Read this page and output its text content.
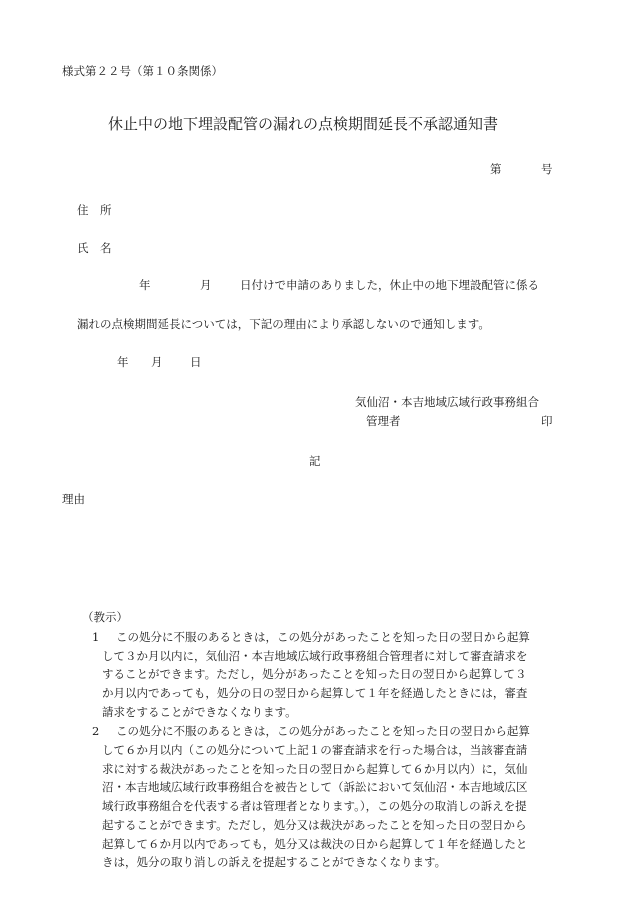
様式第２２号（第１０条関係）
休止中の地下埋設配管の漏れの点検期間延長不承認通知書
第	号
住　所
氏　名
年	月 日付けで申請のありました，休止中の地下埋設配管に係る
漏れの点検期間延長については，下記の理由により承認しないので通知します。
年 月 日
気仙沼・本吉地域広域行政事務組合
管理者	印
記
理由
（教示）
1 この処分に不服のあるときは，この処分があったことを知った日の翌日から起算
して３か月以内に，気仙沼・本吉地域広域行政事務組合管理者に対して審査請求を
することができます。ただし，処分があったことを知った日の翌日から起算して３
か月以内であっても，処分の日の翌日から起算して１年を経過したときには，審査
請求をすることができなくなります。
2 この処分に不服のあるときは，この処分があったことを知った日の翌日から起算
して６か月以内（この処分について上記１の審査請求を行った場合は，当該審査請
求に対する裁決があったことを知った日の翌日から起算して６か月以内）に，気仙
沼・本吉地域広域行政事務組合を被告として（訴訟において気仙沼・本吉地域広区
域行政事務組合を代表する者は管理者となります。），この処分の取消しの訴えを提
起することができます。ただし，処分又は裁決があったことを知った日の翌日から
起算して６か月以内であっても，処分又は裁決の日から起算して１年を経過したと
きは，処分の取り消しの訴えを提起することができなくなります。
